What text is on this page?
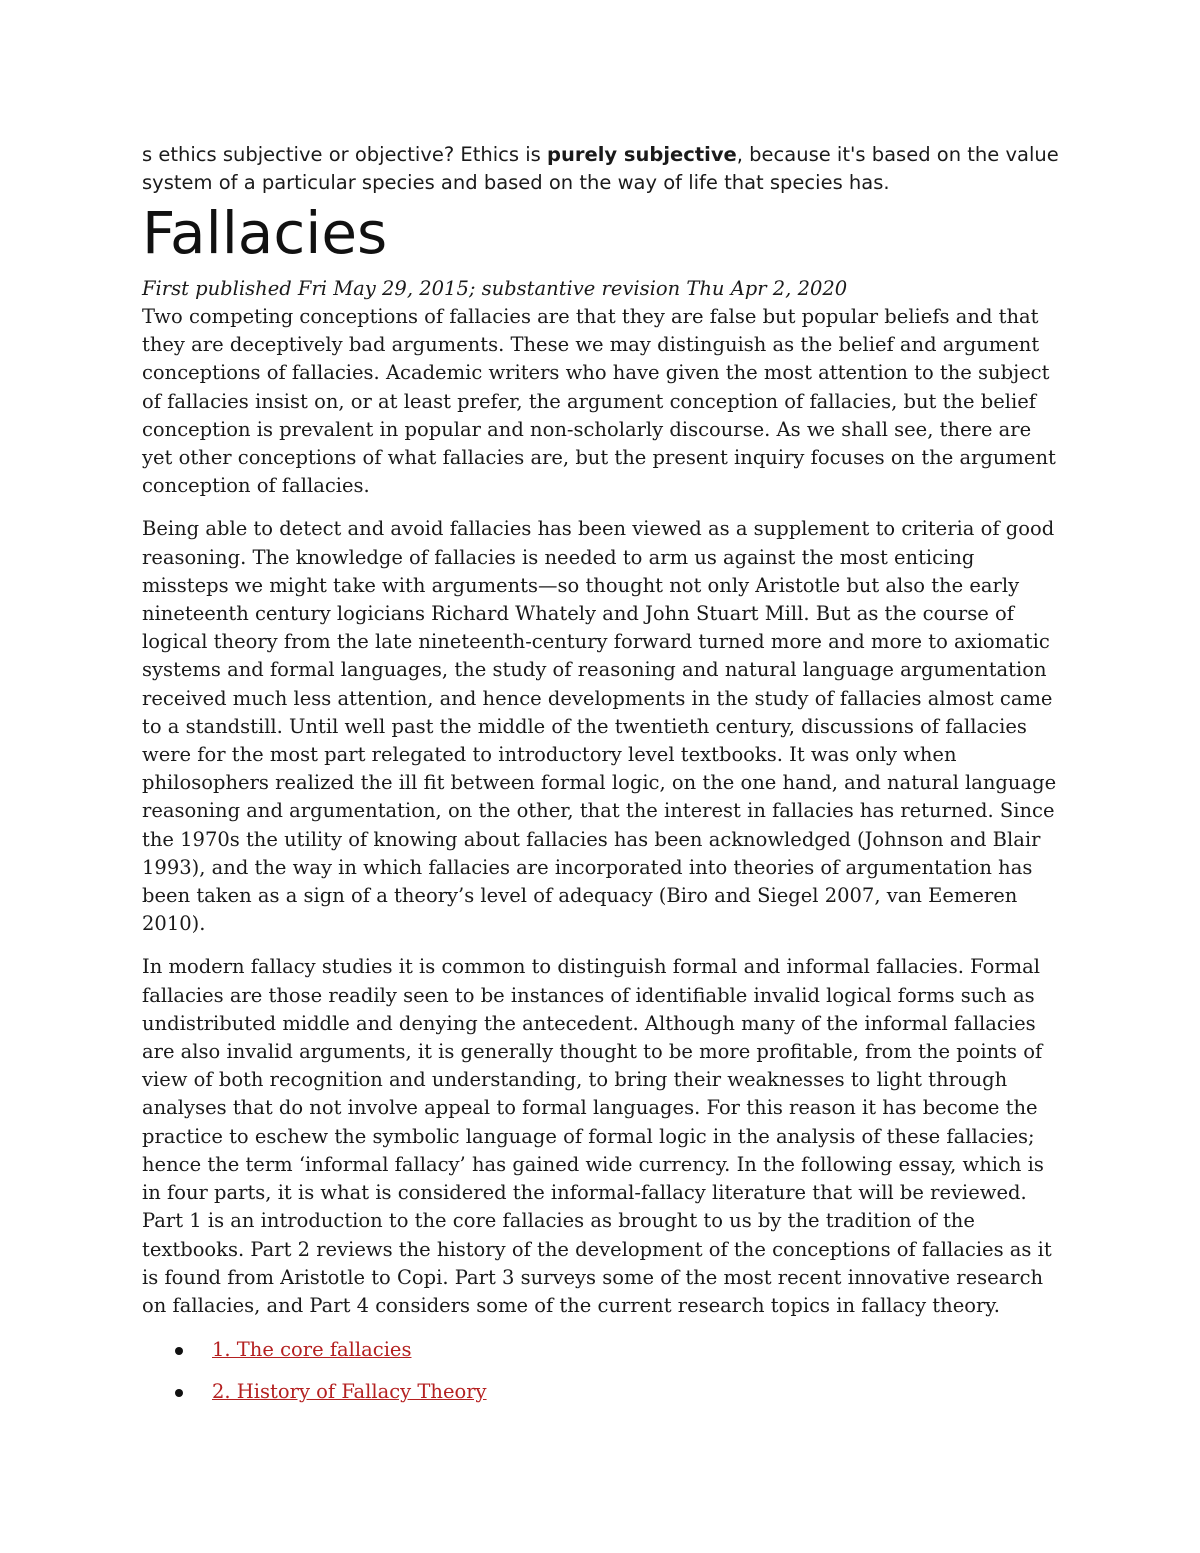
s ethics subjective or objective? Ethics is purely subjective, because it's based on the value system of a particular species and based on the way of life that species has.

Fallacies

First published Fri May 29, 2015; substantive revision Thu Apr 2, 2020

Two competing conceptions of fallacies are that they are false but popular beliefs and that they are deceptively bad arguments. These we may distinguish as the belief and argument conceptions of fallacies. Academic writers who have given the most attention to the subject of fallacies insist on, or at least prefer, the argument conception of fallacies, but the belief conception is prevalent in popular and non-scholarly discourse. As we shall see, there are yet other conceptions of what fallacies are, but the present inquiry focuses on the argument conception of fallacies.

Being able to detect and avoid fallacies has been viewed as a supplement to criteria of good reasoning. The knowledge of fallacies is needed to arm us against the most enticing missteps we might take with arguments—so thought not only Aristotle but also the early nineteenth century logicians Richard Whately and John Stuart Mill. But as the course of logical theory from the late nineteenth-century forward turned more and more to axiomatic systems and formal languages, the study of reasoning and natural language argumentation received much less attention, and hence developments in the study of fallacies almost came to a standstill. Until well past the middle of the twentieth century, discussions of fallacies were for the most part relegated to introductory level textbooks. It was only when philosophers realized the ill fit between formal logic, on the one hand, and natural language reasoning and argumentation, on the other, that the interest in fallacies has returned. Since the 1970s the utility of knowing about fallacies has been acknowledged (Johnson and Blair 1993), and the way in which fallacies are incorporated into theories of argumentation has been taken as a sign of a theory’s level of adequacy (Biro and Siegel 2007, van Eemeren 2010).

In modern fallacy studies it is common to distinguish formal and informal fallacies. Formal fallacies are those readily seen to be instances of identifiable invalid logical forms such as undistributed middle and denying the antecedent. Although many of the informal fallacies are also invalid arguments, it is generally thought to be more profitable, from the points of view of both recognition and understanding, to bring their weaknesses to light through analyses that do not involve appeal to formal languages. For this reason it has become the practice to eschew the symbolic language of formal logic in the analysis of these fallacies; hence the term ‘informal fallacy’ has gained wide currency. In the following essay, which is in four parts, it is what is considered the informal-fallacy literature that will be reviewed. Part 1 is an introduction to the core fallacies as brought to us by the tradition of the textbooks. Part 2 reviews the history of the development of the conceptions of fallacies as it is found from Aristotle to Copi. Part 3 surveys some of the most recent innovative research on fallacies, and Part 4 considers some of the current research topics in fallacy theory.

1. The core fallacies
2. History of Fallacy Theory
